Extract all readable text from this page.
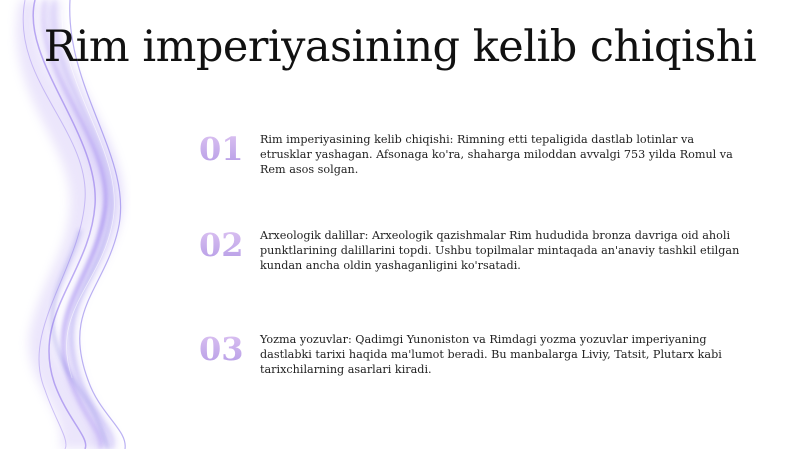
Rim imperiyasining kelib chiqishi
01	Rim imperiyasining kelib chiqishi: Rimning etti tepaligida dastlab lotinlar va etrusklar yashagan. Afsonaga ko'ra, shaharga miloddan avvalgi 753 yilda Romul va Rem asos solgan.
02	Arxeologik dalillar: Arxeologik qazishmalar Rim hududida bronza davriga oid aholi punktlarining dalillarini topdi. Ushbu topilmalar mintaqada an'anaviy tashkil etilgan kundan ancha oldin yashaganligini ko'rsatadi.
03	Yozma yozuvlar: Qadimgi Yunoniston va Rimdagi yozma yozuvlar imperiyaning dastlabki tarixi haqida ma'lumot beradi. Bu manbalarga Liviy, Tatsit, Plutarx kabi tarixchilarning asarlari kiradi.
